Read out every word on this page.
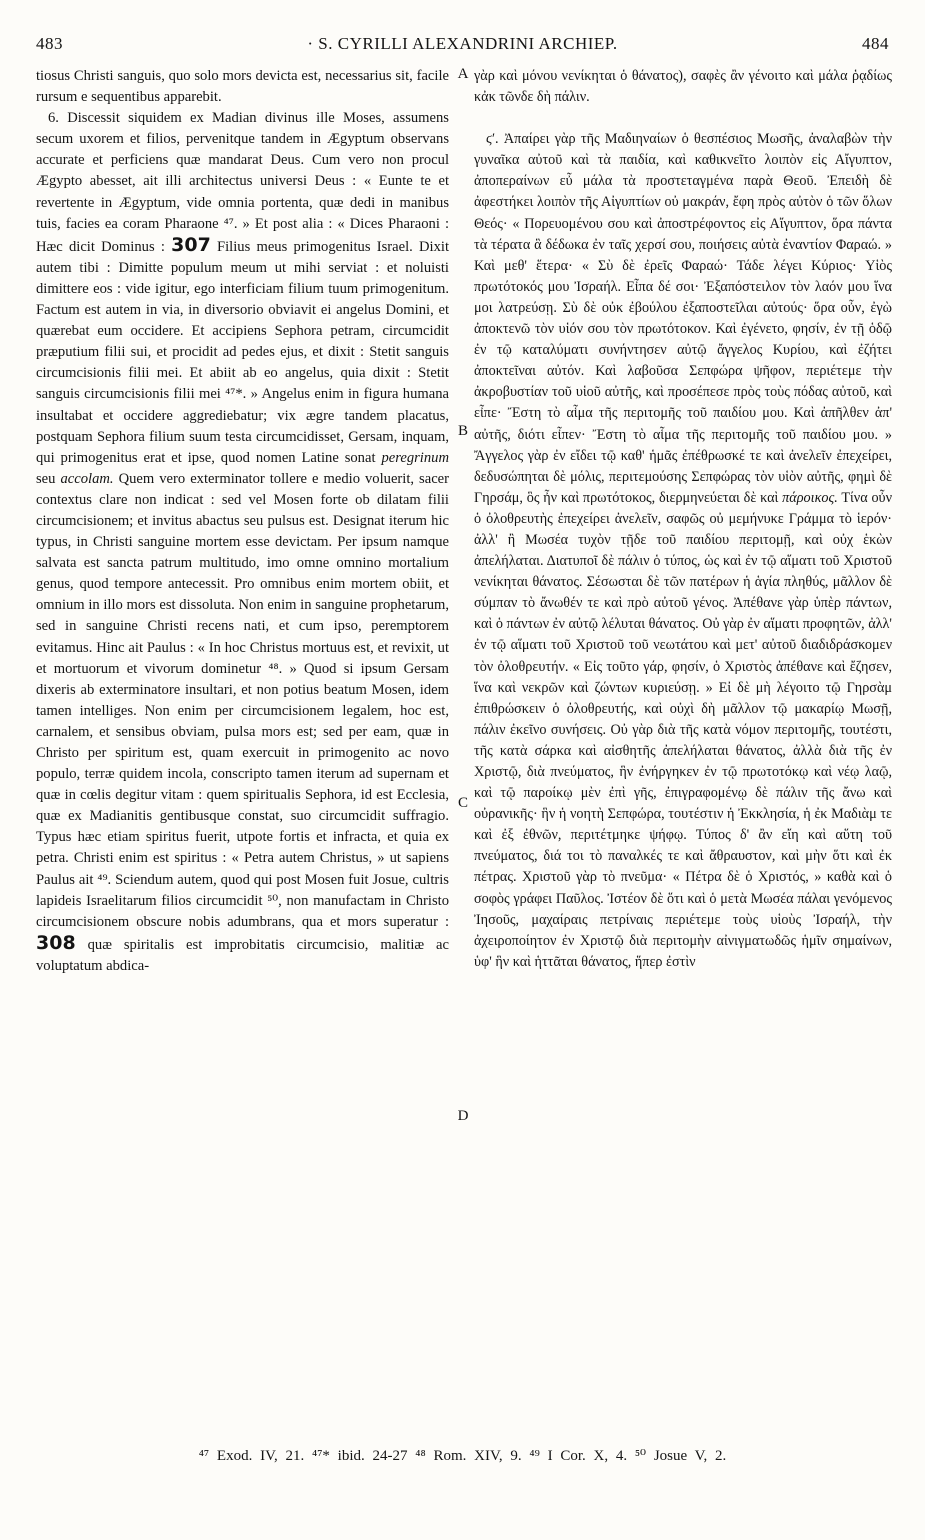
483	· S. CYRILLI ALEXANDRINI ARCHIEP.	484

tiosus Christi sanguis, quo solo mors devicta est, necessarius sit, facile rursum e sequentibus apparebit.

6. Discessit siquidem ex Madian divinus ille Moses, assumens secum uxorem et filios, pervenitque tandem in Ægyptum observans accurate et perficiens quæ mandarat Deus. Cum vero non procul Ægypto abesset, ait illi architectus universi Deus : « Eunte te et revertente in Ægyptum, vide omnia portenta, quæ dedi in manibus tuis, facies ea coram Pharaone ⁴⁷. » Et post alia : « Dices Pharaoni : Hæc dicit Dominus : 307 Filius meus primogenitus Israel. Dixit autem tibi : Dimitte populum meum ut mihi serviat : et noluisti dimittere eos : vide igitur, ego interficiam filium tuum primogenitum. Factum est autem in via, in diversorio obviavit ei angelus Domini, et quærebat eum occidere. Et accipiens Sephora petram, circumcidit præputium filii sui, et procidit ad pedes ejus, et dixit : Stetit sanguis circumcisionis filii mei. Et abiit ab eo angelus, quia dixit : Stetit sanguis circumcisionis filii mei ⁴⁷*. » Angelus enim in figura humana insultabat et occidere aggrediebatur; vix ægre tandem placatus, postquam Sephora filium suum testa circumcidisset, Gersam, inquam, qui primogenitus erat et ipse, quod nomen Latine sonat peregrinum seu accolam. Quem vero exterminator tollere e medio voluerit, sacer contextus clare non indicat : sed vel Mosen forte ob dilatam filii circumcisionem; et invitus abactus seu pulsus est. Designat iterum hic typus, in Christi sanguine mortem esse devictam. Per ipsum namque salvata est sancta patrum multitudo, imo omne omnino mortalium genus, quod tempore antecessit. Pro omnibus enim mortem obiit, et omnium in illo mors est dissoluta. Non enim in sanguine prophetarum, sed in sanguine Christi recens nati, et cum ipso, peremptorem evitamus. Hinc ait Paulus : « In hoc Christus mortuus est, et revixit, ut et mortuorum et vivorum dominetur ⁴⁸. » Quod si ipsum Gersam dixeris ab exterminatore insultari, et non potius beatum Mosen, idem tamen intelliges. Non enim per circumcisionem legalem, hoc est, carnalem, et sensibus obviam, pulsa mors est; sed per eam, quæ in Christo per spiritum est, quam exercuit in primogenito ac novo populo, terræ quidem incola, conscripto tamen iterum ad supernam et quæ in cœlis degitur vitam : quem spiritualis Sephora, id est Ecclesia, quæ ex Madianitis gentibusque constat, suo circumcidit suffragio. Typus hæc etiam spiritus fuerit, utpote fortis et infracta, et quia ex petra. Christi enim est spiritus : « Petra autem Christus, » ut sapiens Paulus ait ⁴⁹. Sciendum autem, quod qui post Mosen fuit Josue, cultris lapideis Israelitarum filios circumcidit ⁵⁰, non manufactam in Christo circumcisionem obscure nobis adumbrans, qua et mors superatur : 308 quæ spiritalis est improbitatis circumcisio, malitiæ ac voluptatum abdica-

A
B
C
D

γὰρ καὶ μόνου νενίκηται ὁ θάνατος), σαφὲς ἂν γένοιτο καὶ μάλα ῥᾳδίως κἀκ τῶνδε δὴ πάλιν.

ϛʹ. Ἀπαίρει γὰρ τῆς Μαδιηναίων ὁ θεσπέσιος Μωσῆς, ἀναλαβὼν τὴν γυναῖκα αὐτοῦ καὶ τὰ παιδία, καὶ καθικνεῖτο λοιπὸν εἰς Αἴγυπτον, ἀποπεραίνων εὖ μάλα τὰ προστεταγμένα παρὰ Θεοῦ. Ἐπειδὴ δὲ ἀφεστήκει λοιπὸν τῆς Αἰγυπτίων οὐ μακράν, ἔφη πρὸς αὐτὸν ὁ τῶν ὅλων Θεός· « Πορευομένου σου καὶ ἀποστρέφοντος εἰς Αἴγυπτον, ὅρα πάντα τὰ τέρατα ἃ δέδωκα ἐν ταῖς χερσί σου, ποιήσεις αὐτὰ ἐναντίον Φαραώ. » Καὶ μεθ' ἕτερα· « Σὺ δὲ ἐρεῖς Φαραώ· Τάδε λέγει Κύριος· Υἱὸς πρωτότοκός μου Ἰσραήλ. Εἶπα δέ σοι· Ἐξαπόστειλον τὸν λαόν μου ἵνα μοι λατρεύσῃ. Σὺ δὲ οὐκ ἐβούλου ἐξαποστεῖλαι αὐτούς· ὅρα οὖν, ἐγὼ ἀποκτενῶ τὸν υἱόν σου τὸν πρωτότοκον. Καὶ ἐγένετο, φησίν, ἐν τῇ ὁδῷ ἐν τῷ καταλύματι συνήντησεν αὐτῷ ἄγγελος Κυρίου, καὶ ἐζήτει ἀποκτεῖναι αὐτόν. Καὶ λαβοῦσα Σεπφώρα ψῆφον, περιέτεμε τὴν ἀκροβυστίαν τοῦ υἱοῦ αὐτῆς, καὶ προσέπεσε πρὸς τοὺς πόδας αὐτοῦ, καὶ εἶπε· Ἔστη τὸ αἷμα τῆς περιτομῆς τοῦ παιδίου μου. Καὶ ἀπῆλθεν ἀπ' αὐτῆς, διότι εἶπεν· Ἔστη τὸ αἷμα τῆς περιτομῆς τοῦ παιδίου μου. » Ἄγγελος γὰρ ἐν εἴδει τῷ καθ' ἡμᾶς ἐπέθρωσκέ τε καὶ ἀνελεῖν ἐπεχείρει, δεδυσώπηται δὲ μόλις, περιτεμούσης Σεπφώρας τὸν υἱὸν αὐτῆς, φημὶ δὲ Γηρσάμ, ὃς ἦν καὶ πρωτότοκος, διερμηνεύεται δὲ καὶ πάροικος. Τίνα οὖν ὁ ὀλοθρευτὴς ἐπεχείρει ἀνελεῖν, σαφῶς οὐ μεμήνυκε Γράμμα τὸ ἱερόν· ἀλλ' ἢ Μωσέα τυχὸν τῇδε τοῦ παιδίου περιτομῇ, καὶ οὐχ ἑκὼν ἀπελήλαται. Διατυποῖ δὲ πάλιν ὁ τύπος, ὡς καὶ ἐν τῷ αἵματι τοῦ Χριστοῦ νενίκηται θάνατος. Σέσωσται δὲ τῶν πατέρων ἡ ἁγία πληθύς, μᾶλλον δὲ σύμπαν τὸ ἄνωθέν τε καὶ πρὸ αὐτοῦ γένος. Ἀπέθανε γὰρ ὑπὲρ πάντων, καὶ ὁ πάντων ἐν αὐτῷ λέλυται θάνατος. Οὐ γὰρ ἐν αἵματι προφητῶν, ἀλλ' ἐν τῷ αἵματι τοῦ Χριστοῦ τοῦ νεωτάτου καὶ μετ' αὐτοῦ διαδιδράσκομεν τὸν ὀλοθρευτήν. « Εἰς τοῦτο γάρ, φησίν, ὁ Χριστὸς ἀπέθανε καὶ ἔζησεν, ἵνα καὶ νεκρῶν καὶ ζώντων κυριεύσῃ. » Εἰ δὲ μὴ λέγοιτο τῷ Γηρσὰμ ἐπιθρώσκειν ὁ ὀλοθρευτής, καὶ οὐχὶ δὴ μᾶλλον τῷ μακαρίῳ Μωσῇ, πάλιν ἐκεῖνο συνήσεις. Οὐ γὰρ διὰ τῆς κατὰ νόμον περιτομῆς, τουτέστι, τῆς κατὰ σάρκα καὶ αἰσθητῆς ἀπελήλαται θάνατος, ἀλλὰ διὰ τῆς ἐν Χριστῷ, διὰ πνεύματος, ἣν ἐνήργηκεν ἐν τῷ πρωτοτόκῳ καὶ νέῳ λαῷ, καὶ τῷ παροίκῳ μὲν ἐπὶ γῆς, ἐπιγραφομένῳ δὲ πάλιν τῆς ἄνω καὶ οὐρανικῆς· ἣν ἡ νοητὴ Σεπφώρα, τουτέστιν ἡ Ἐκκλησία, ἡ ἐκ Μαδιὰμ τε καὶ ἐξ ἐθνῶν, περιτέτμηκε ψήφῳ. Τύπος δ' ἂν εἴη καὶ αὕτη τοῦ πνεύματος, διά τοι τὸ παναλκές τε καὶ ἄθραυστον, καὶ μὴν ὅτι καὶ ἐκ πέτρας. Χριστοῦ γὰρ τὸ πνεῦμα· « Πέτρα δὲ ὁ Χριστός, » καθὰ καὶ ὁ σοφὸς γράφει Παῦλος. Ἰστέον δὲ ὅτι καὶ ὁ μετὰ Μωσέα πάλαι γενόμενος Ἰησοῦς, μαχαίραις πετρίναις περιέτεμε τοὺς υἱοὺς Ἰσραήλ, τὴν ἀχειροποίητον ἐν Χριστῷ διὰ περιτομὴν αἰνιγματωδῶς ἡμῖν σημαίνων, ὑφ' ἣν καὶ ἡττᾶται θάνατος, ἥπερ ἐστὶν

⁴⁷ Exod. IV, 21. ⁴⁷* ibid. 24-27 ⁴⁸ Rom. XIV, 9. ⁴⁹ I Cor. X, 4. ⁵⁰ Josue V, 2.
